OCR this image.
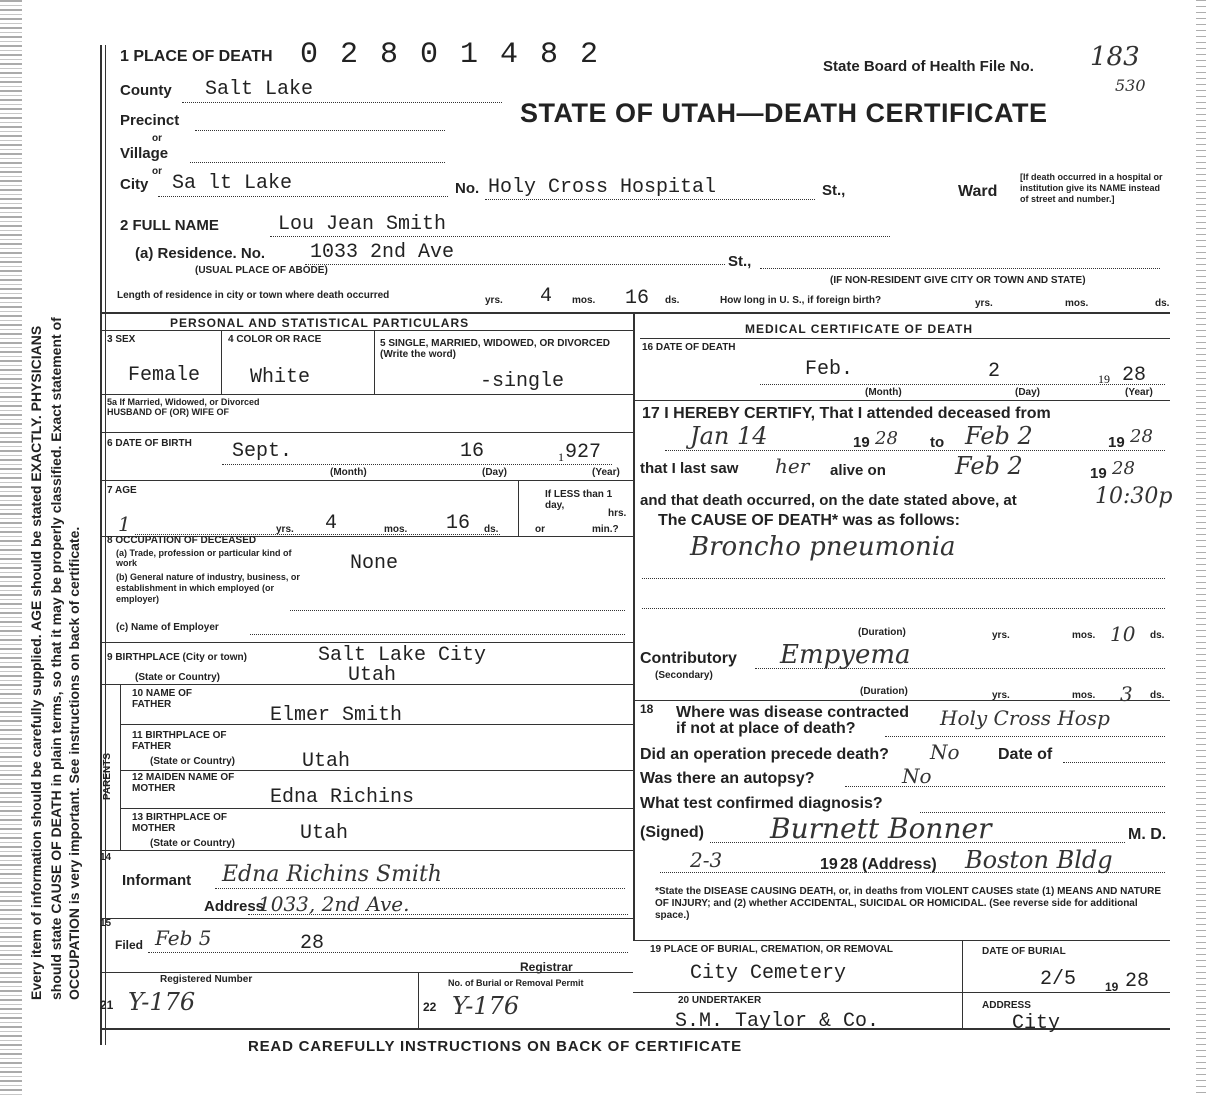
Every item of information should be carefully supplied. AGE should be stated EXACTLY. PHYSICIANS should state CAUSE OF DEATH in plain terms, so that it may be properly classified. Exact statement of OCCUPATION is very important. See instructions on back of certificate.
1 PLACE OF DEATH 0 2 8 0 1 4 8 2	State Board of Health File No. 183
530
STATE OF UTAH—DEATH CERTIFICATE
County Salt Lake
Precinct
or
Village
or
City Sa lt Lake	No. Holy Cross Hospital	St.,	Ward
[If death occurred in a hospital or institution give its NAME instead of street and number.]
2 FULL NAME	Lou Jean Smith
(a) Residence. No. 1033 2nd Ave
(USUAL PLACE OF ABODE)
St.,
(IF NON-RESIDENT GIVE CITY OR TOWN AND STATE)
Length of residence in city or town where death occurred	yrs. 4 mos. 16 ds.	How long in U. S., if foreign birth?	yrs.	mos.	ds.
PERSONAL AND STATISTICAL PARTICULARS
3 SEX
Female
4 COLOR OR RACE
White
5 SINGLE, MARRIED, WIDOWED, OR DIVORCED (Write the word)
-single
5a If Married, Widowed, or Divorced HUSBAND OF (OR) WIFE OF
6 DATE OF BIRTH Sept.	16	1 927
(Month)	(Day)	(Year)
7 AGE
1	yrs. 4	mos. 16 ds.
If LESS than 1 day,
hrs.
or	min.?
8 OCCUPATION OF DECEASED
(a) Trade, profession or particular kind of work
(b) General nature of industry, business, or establishment in which employed (or employer)
None
(c) Name of Employer
9 BIRTHPLACE (City or town)	Salt Lake City
(State or Country)	Utah
PARENTS
10 NAME OF FATHER	Elmer Smith
11 BIRTHPLACE OF FATHER
(State or Country)	Utah
12 MAIDEN NAME OF MOTHER	Edna Richins
13 BIRTHPLACE OF MOTHER
(State or Country)	Utah
14
Informant Edna Richins Smith
Address
1033, 2nd Ave.
15
Filed Feb 5	28
Registrar
Registered Number
21 Y-176
No. of Burial or Removal Permit
22 Y-176
MEDICAL CERTIFICATE OF DEATH
16 DATE OF DEATH
Feb.	2	19 28
(Month)	(Day)	(Year)
17 I HEREBY CERTIFY, That I attended deceased from
Jan 14	19 28 to Feb 2	19 28
that I last saw her alive on	Feb 2	19 28
and that death occurred, on the date stated above, at	10:30p
The CAUSE OF DEATH* was as follows:
Broncho pneumonia
(Duration)	yrs.	mos. 10 ds.
Contributory
(Secondary)
Empyema
(Duration)	yrs.	mos. 3 ds.
18 Where was disease contracted
if not at place of death?	Holy Cross Hosp
Did an operation precede death? No Date of
Was there an autopsy?	No
What test confirmed diagnosis?
(Signed) Burnett Bonner	M. D.
2-3	19 28 (Address) Boston Bldg
*State the DISEASE CAUSING DEATH, or, in deaths from VIOLENT CAUSES state (1) MEANS AND NATURE OF INJURY; and (2) whether ACCIDENTAL, SUICIDAL OR HOMICIDAL. (See reverse side for additional space.)
19 PLACE OF BURIAL, CREMATION, OR REMOVAL
City Cemetery
DATE OF BURIAL
2/5 19 28
20 UNDERTAKER
S.M. Taylor & Co.
ADDRESS
City
READ CAREFULLY INSTRUCTIONS ON BACK OF CERTIFICATE
